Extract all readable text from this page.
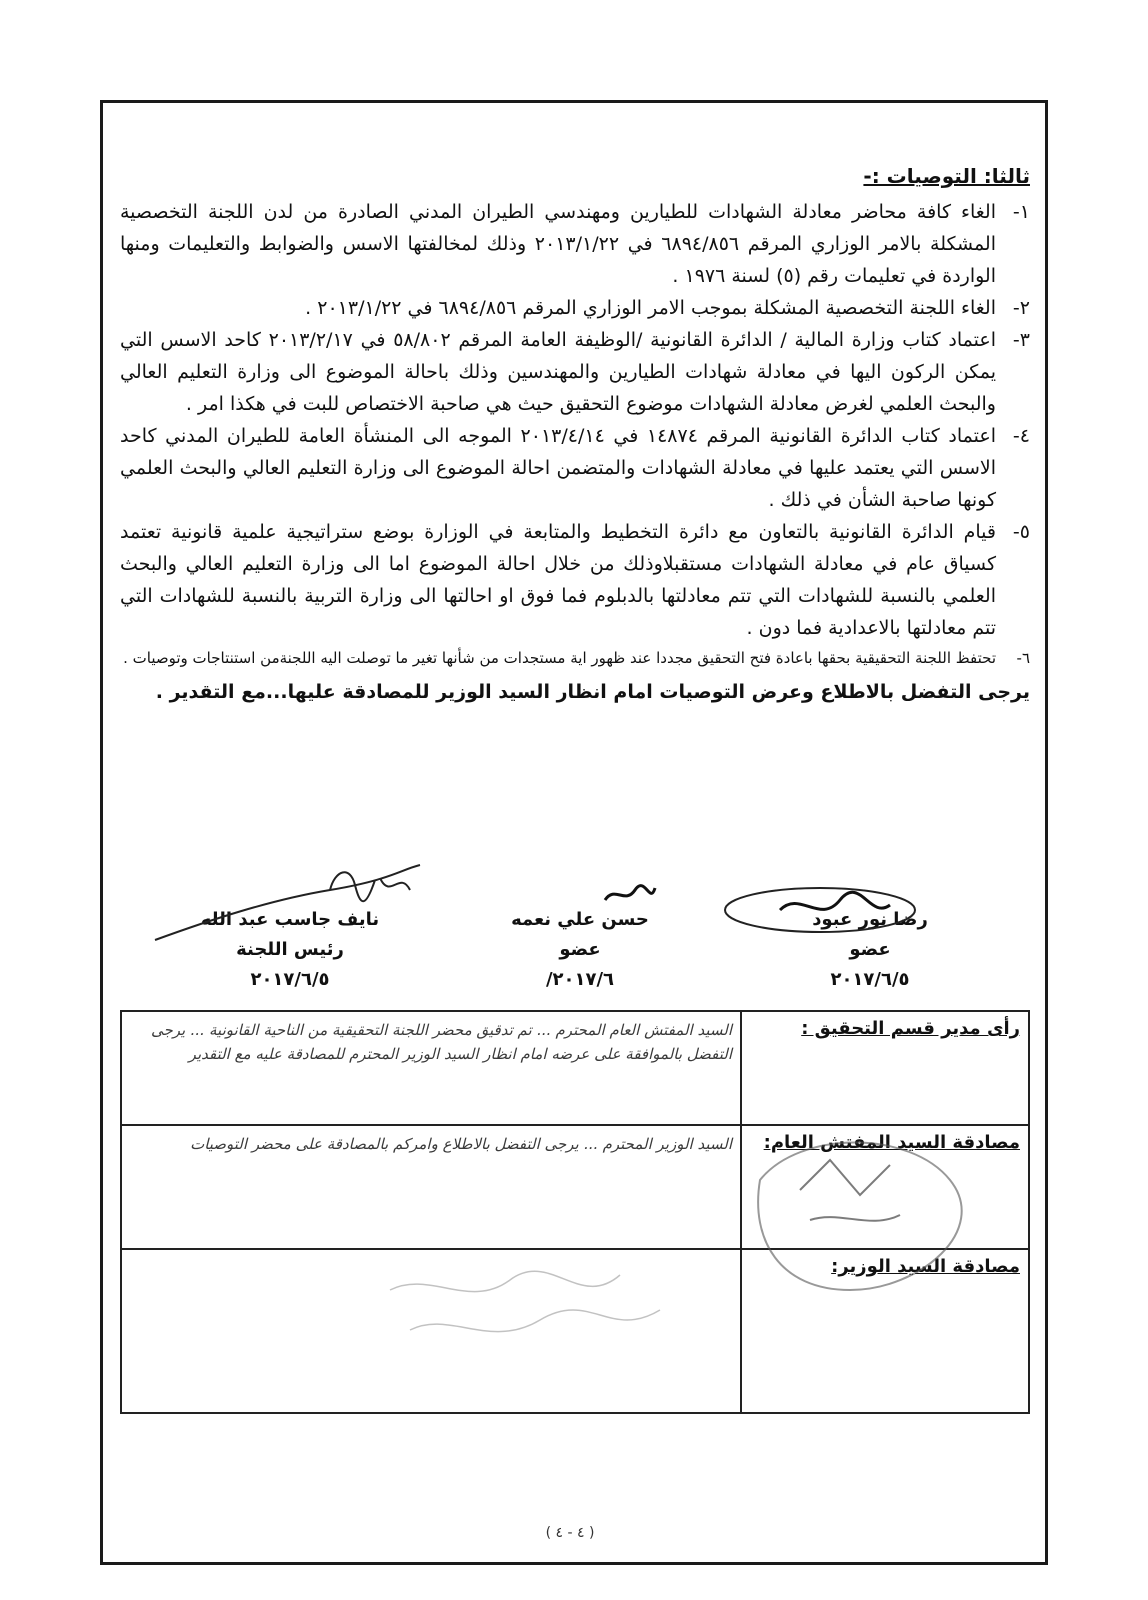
ثالثا: التوصيات :-
١-
الغاء كافة محاضر معادلة الشهادات للطيارين ومهندسي الطيران المدني الصادرة من لدن اللجنة التخصصية المشكلة بالامر الوزاري المرقم ٦٨٩٤/٨٥٦ في ٢٠١٣/١/٢٢ وذلك لمخالفتها الاسس والضوابط والتعليمات ومنها الواردة في تعليمات رقم (٥) لسنة ١٩٧٦ .
٢-
الغاء اللجنة التخصصية المشكلة بموجب الامر الوزاري المرقم ٦٨٩٤/٨٥٦ في ٢٠١٣/١/٢٢ .
٣-
اعتماد كتاب وزارة المالية / الدائرة القانونية /الوظيفة العامة المرقم ٥٨/٨٠٢ في ٢٠١٣/٢/١٧ كاحد الاسس التي يمكن الركون اليها في معادلة شهادات الطيارين والمهندسين وذلك باحالة الموضوع الى وزارة التعليم العالي والبحث العلمي لغرض معادلة الشهادات موضوع التحقيق حيث هي صاحبة الاختصاص للبت في هكذا امر .
٤-
اعتماد كتاب الدائرة القانونية المرقم ١٤٨٧٤ في ٢٠١٣/٤/١٤ الموجه الى المنشأة العامة للطيران المدني كاحد الاسس التي يعتمد عليها في معادلة الشهادات والمتضمن احالة الموضوع الى وزارة التعليم العالي والبحث العلمي كونها صاحبة الشأن في ذلك .
٥-
قيام الدائرة القانونية بالتعاون مع دائرة التخطيط والمتابعة في الوزارة بوضع ستراتيجية علمية قانونية تعتمد كسياق عام في معادلة الشهادات مستقبلاوذلك من خلال احالة الموضوع اما الى وزارة التعليم العالي والبحث العلمي بالنسبة للشهادات التي تتم معادلتها بالدبلوم فما فوق او احالتها الى وزارة التربية بالنسبة للشهادات التي تتم معادلتها بالاعدادية فما دون .
٦-
تحتفظ اللجنة التحقيقية بحقها باعادة فتح التحقيق مجددا عند ظهور اية مستجدات من شأنها تغير ما توصلت اليه اللجنةمن استنتاجات وتوصيات .
يرجى التفضل بالاطلاع وعرض التوصيات امام انظار السيد الوزير للمصادقة عليها...مع التقدير .
رضا نور عبود
عضو
٢٠١٧/٦/٥
حسن علي نعمه
عضو
٢٠١٧/٦/
نايف جاسب عبد الله
رئيس اللجنة
٢٠١٧/٦/٥
رأى مدير قسم التحقيق :	السيد المفتش العام المحترم ... تم تدقيق محضر اللجنة التحقيقية من الناحية القانونية ... يرجى التفضل بالموافقة على عرضه امام انظار السيد الوزير المحترم للمصادقة عليه مع التقدير
مصادقة السيد المفتش العام:	السيد الوزير المحترم ... يرجى التفضل بالاطلاع وامركم بالمصادقة على محضر التوصيات
مصادقة السيد الوزير:	
( ٤ - ٤ )
